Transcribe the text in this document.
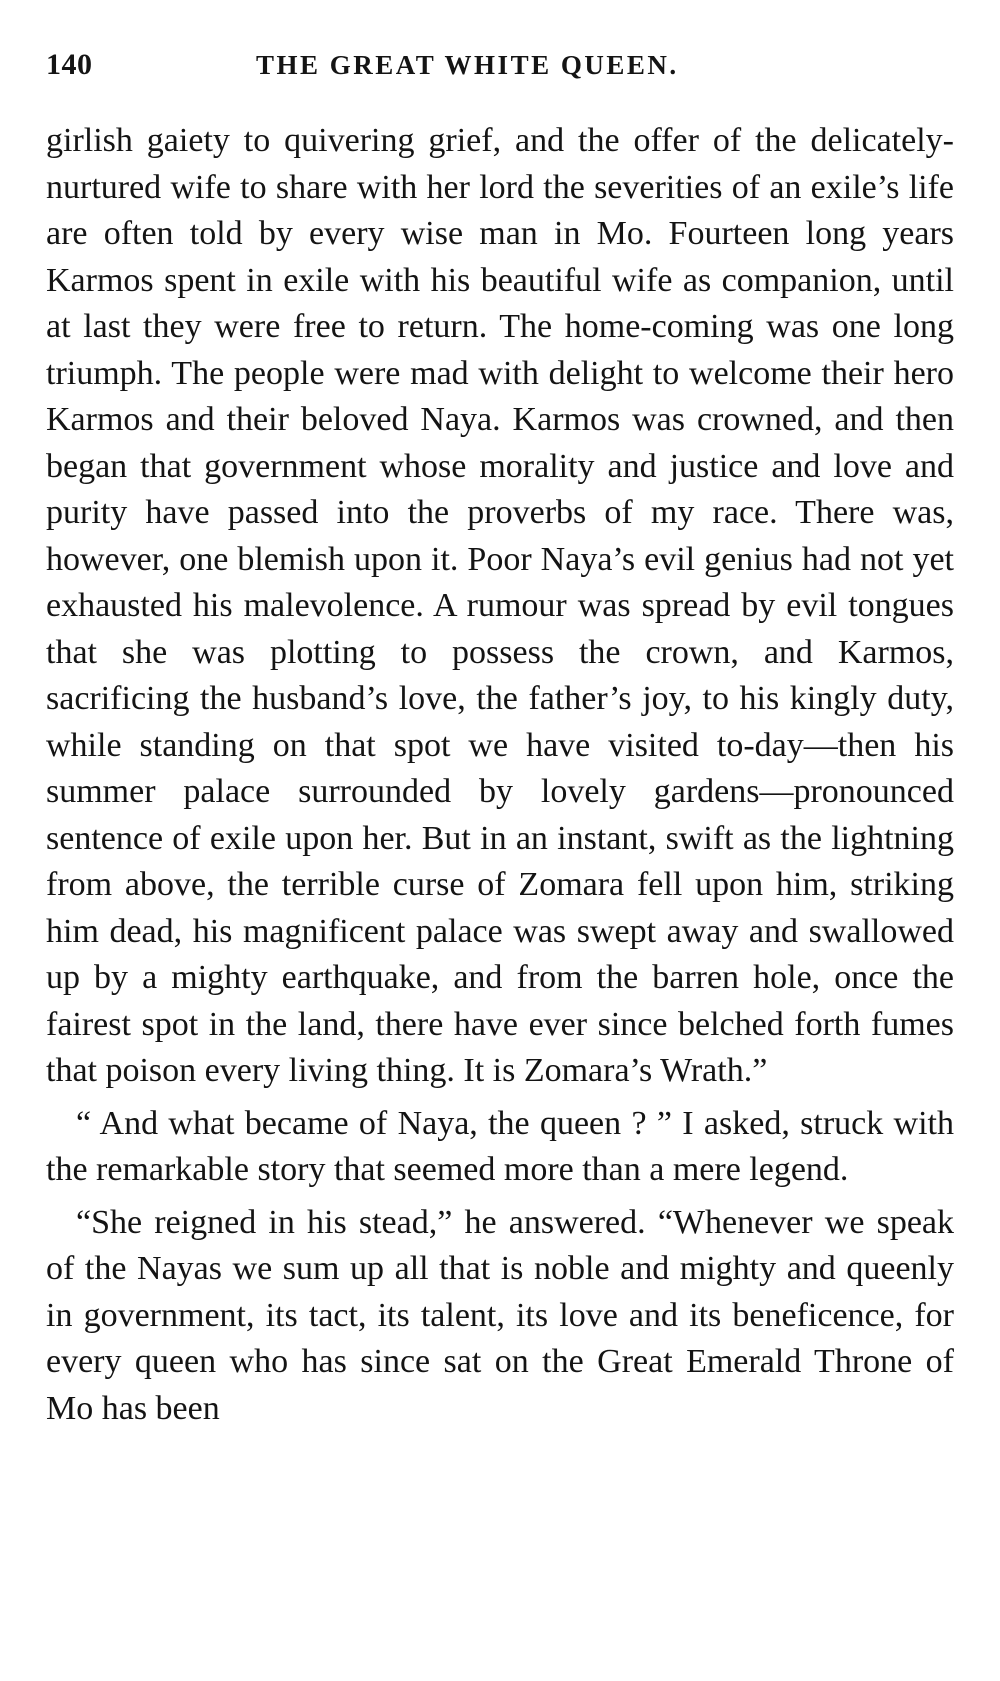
140	THE GREAT WHITE QUEEN.

girlish gaiety to quivering grief, and the offer of the delicately-nurtured wife to share with her lord the severities of an exile’s life are often told by every wise man in Mo. Fourteen long years Karmos spent in exile with his beautiful wife as companion, until at last they were free to return. The home-coming was one long triumph. The people were mad with delight to welcome their hero Karmos and their beloved Naya. Karmos was crowned, and then began that government whose morality and justice and love and purity have passed into the proverbs of my race. There was, however, one blemish upon it. Poor Naya’s evil genius had not yet exhausted his malevolence. A rumour was spread by evil tongues that she was plotting to possess the crown, and Karmos, sacrificing the husband’s love, the father’s joy, to his kingly duty, while standing on that spot we have visited to-day—then his summer palace surrounded by lovely gardens—pronounced sentence of exile upon her. But in an instant, swift as the lightning from above, the terrible curse of Zomara fell upon him, striking him dead, his magnificent palace was swept away and swallowed up by a mighty earthquake, and from the barren hole, once the fairest spot in the land, there have ever since belched forth fumes that poison every living thing. It is Zomara’s Wrath.”

“ And what became of Naya, the queen ? ” I asked, struck with the remarkable story that seemed more than a mere legend.

“She reigned in his stead,” he answered. “Whenever we speak of the Nayas we sum up all that is noble and mighty and queenly in government, its tact, its talent, its love and its beneficence, for every queen who has since sat on the Great Emerald Throne of Mo has been
